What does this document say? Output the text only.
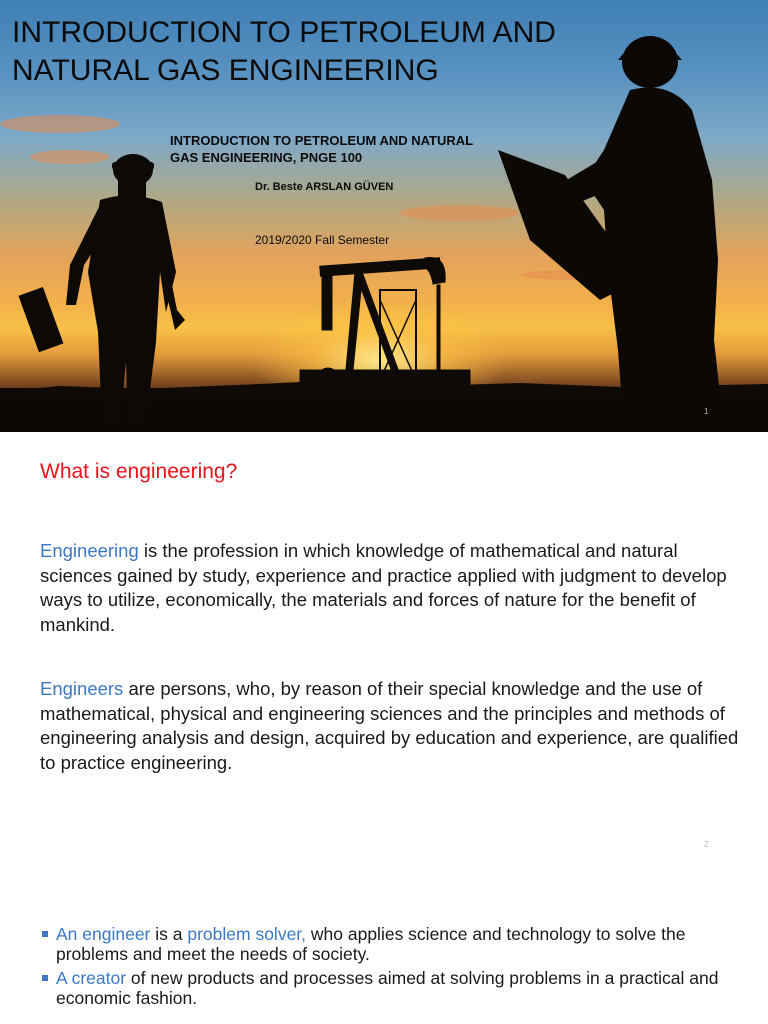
INTRODUCTION TO PETROLEUM AND NATURAL GAS ENGINEERING
INTRODUCTION TO PETROLEUM AND NATURAL GAS ENGINEERING, PNGE 100
Dr. Beste ARSLAN GÜVEN
2019/2020 Fall Semester
1
What is engineering?

Engineering is the profession in which knowledge of mathematical and natural sciences gained by study, experience and practice applied with judgment to develop ways to utilize, economically, the materials and forces of nature for the benefit of mankind.

Engineers are persons, who, by reason of their special knowledge and the use of mathematical, physical and engineering sciences and the principles and methods of engineering analysis and design, acquired by education and experience, are qualified to practice engineering.

2
An engineer is a problem solver, who applies science and technology to solve the problems and meet the needs of society.
A creator of new products and processes aimed at solving problems in a practical and economic fashion.
